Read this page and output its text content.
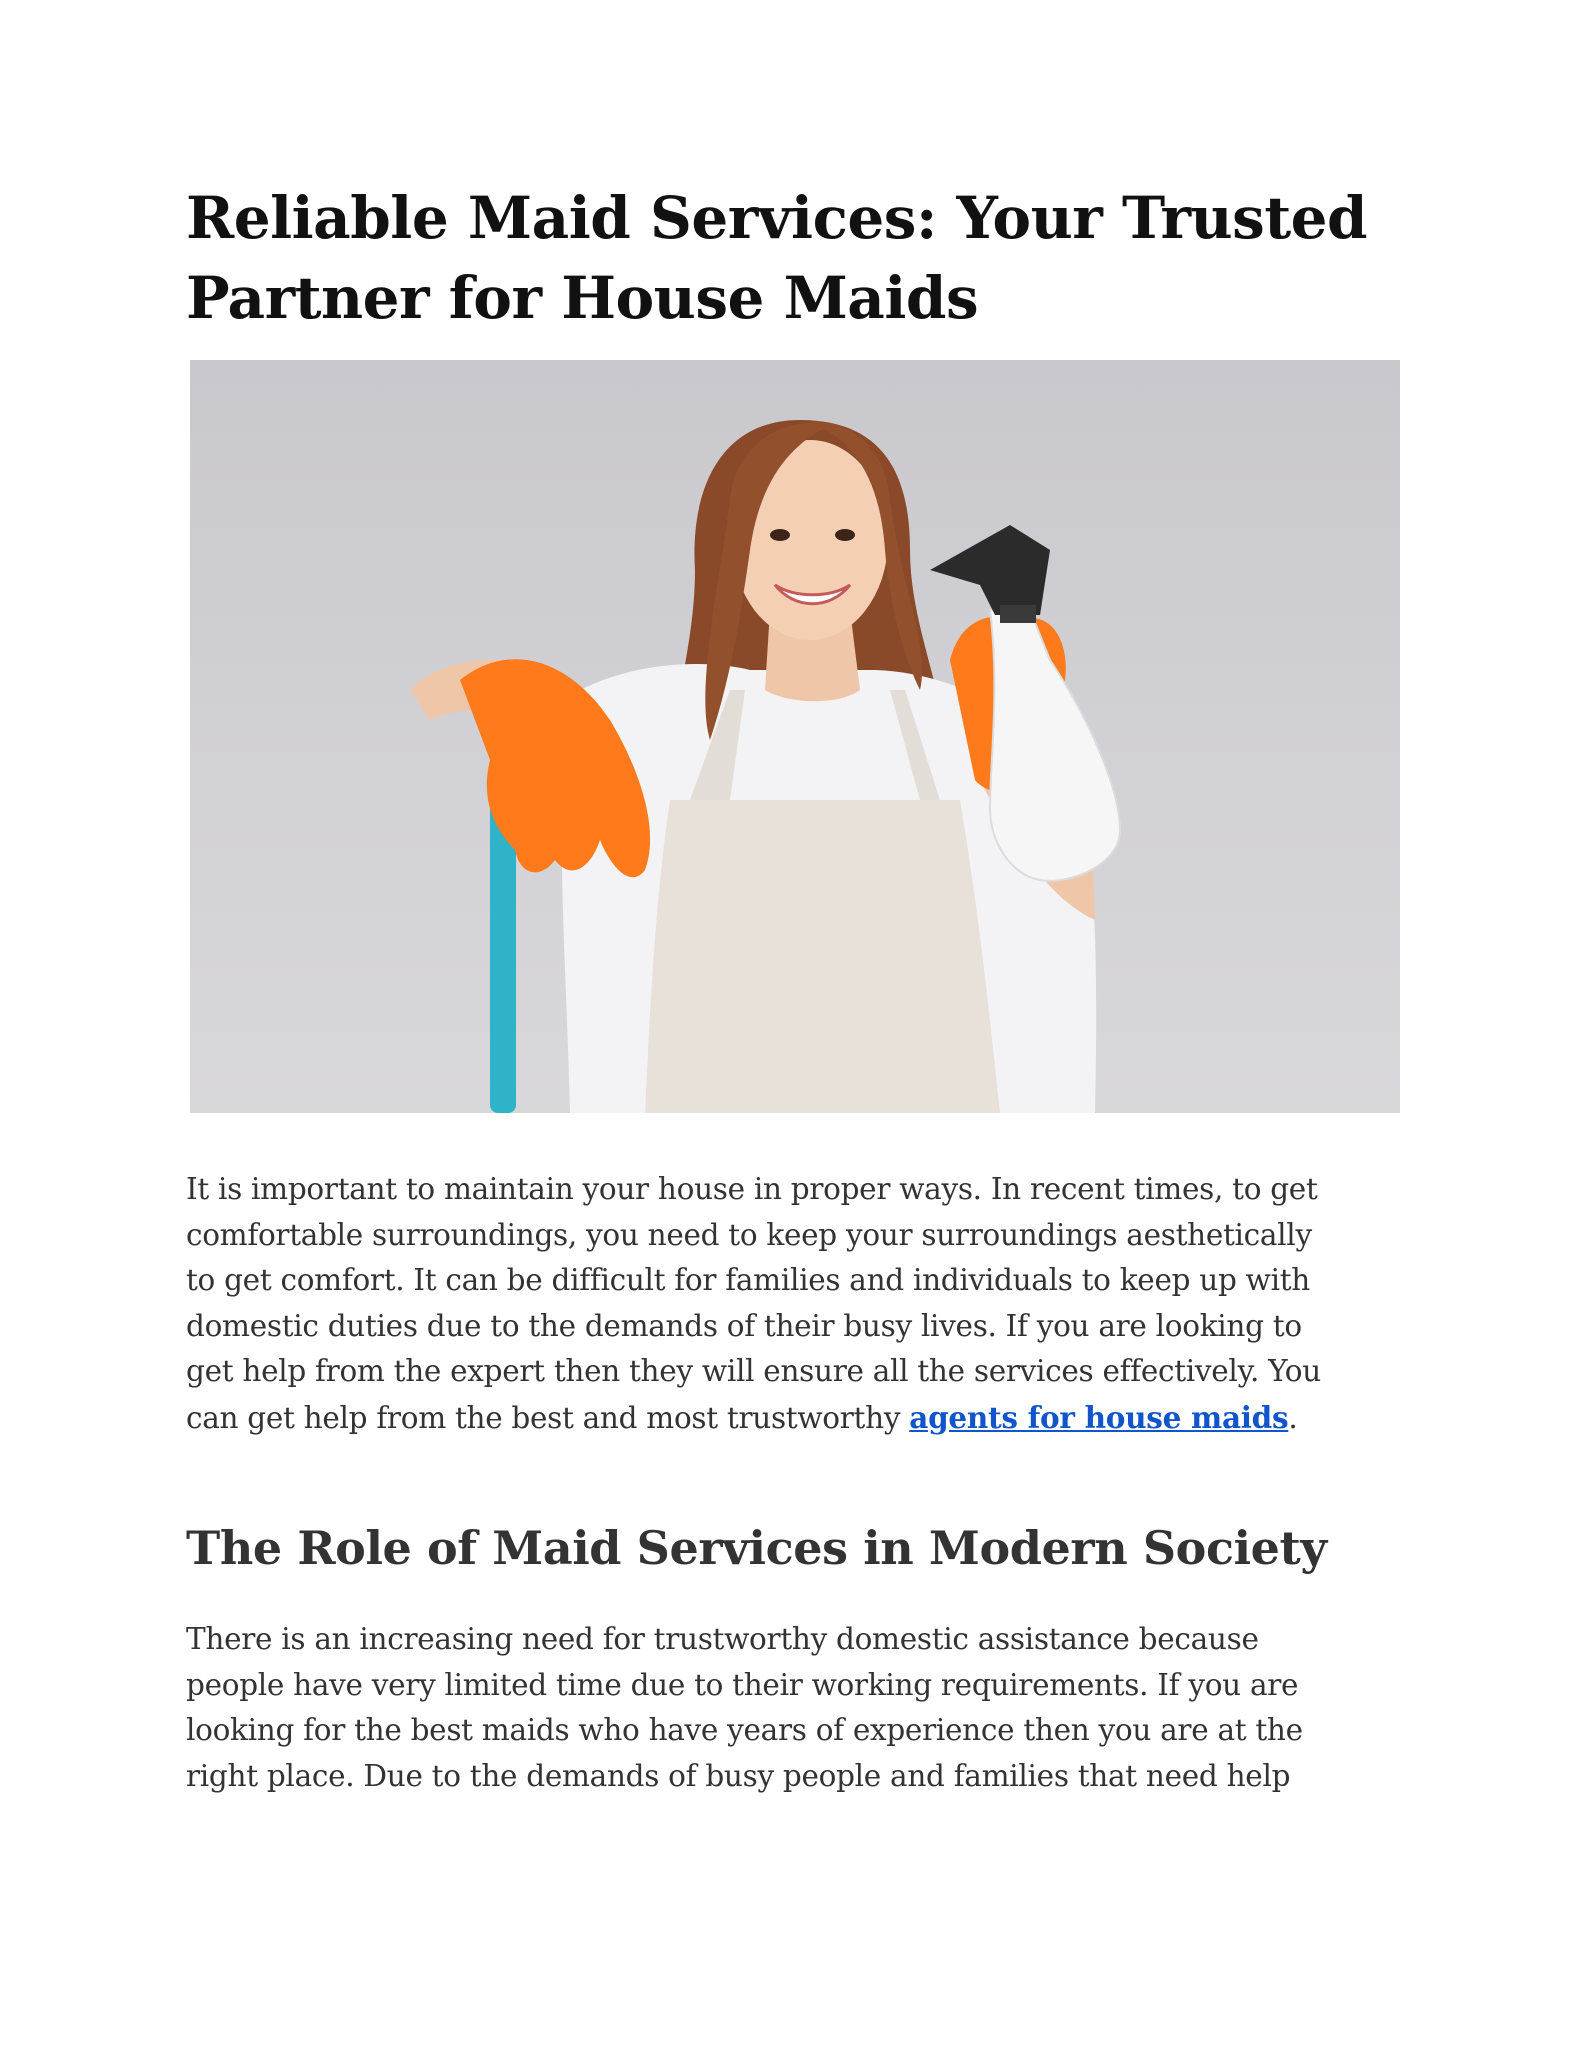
Reliable Maid Services: Your Trusted
Partner for House Maids

It is important to maintain your house in proper ways. In recent times, to get
comfortable surroundings, you need to keep your surroundings aesthetically
to get comfort. It can be difficult for families and individuals to keep up with
domestic duties due to the demands of their busy lives. If you are looking to
get help from the expert then they will ensure all the services effectively. You
can get help from the best and most trustworthy agents for house maids.

The Role of Maid Services in Modern Society

There is an increasing need for trustworthy domestic assistance because
people have very limited time due to their working requirements. If you are
looking for the best maids who have years of experience then you are at the
right place. Due to the demands of busy people and families that need help
